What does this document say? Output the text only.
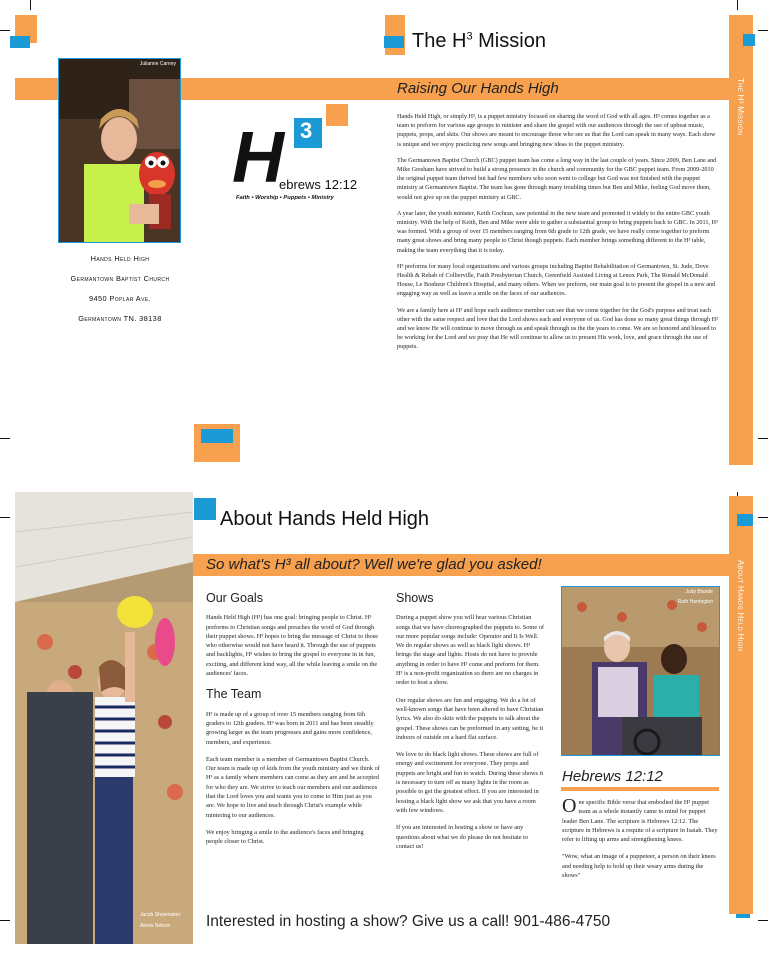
The $H^3$ Mission
Raising Our Hands High	The H³ Mission
Julianne Carney
Hands Held High
Germantown Baptist Church
9450 Poplar Ave.
Germantown TN. 38138
3
H
ebrews 12:12
Faith • Worship • Puppets • Ministry

Hands Held High, or simply H³, is a puppet ministry focused on sharing the word of God with all ages. H³ comes together as a team to preform for various age groups to minister and share the gospel with our audiences through the use of upbeat music, puppets, props, and skits. Our shows are meant to encourage those who see us that the Lord can speak in many ways. Each show is unique and we enjoy practicing new songs and bringing new ideas to the puppet ministry.

The Germantown Baptist Church (GBC) puppet team has come a long way in the last couple of years. Since 2009, Ben Lane and Mike Gresham have strived to build a strong presence in the church and community for the GBC puppet team. From 2009-2010 the original puppet team thrived but had few members who soon went to college but God was not finished with the puppet ministry at Germantown Baptist. The team has gone through many troubling times but Ben and Mike, feeling God move them, would not give up on the puppet ministry at GBC.

A year later, the youth minister, Keith Cochran, saw potential in the new team and promoted it widely to the entire GBC youth ministry. With the help of Keith, Ben and Mike were able to gather a substantial group to bring puppets back to GBC. In 2011, H³ was formed. With a group of over 15 members ranging from 6th grade to 12th grade, we have really come together to preform many great shows and bring many people to Christ though puppets. Each member brings something different to the H³ table, making the team everything that it is today.

H³ preforms for many local organizations and various groups including Baptist Rehabilitation of Germantown, St. Jude, Dove Health & Rehab of Collierville, Faith Presbyterian Church, Greenfield Assisted Living at Lenox Park, The Ronald McDonald House, Le Bonheur Children's Hospital, and many others. When we preform, our main goal is to present the gospel in a new and engaging way as well as leave a smile on the faces of our audiences.

We are a family here at H³ and hope each audience member can see that we come together for the God's purpose and treat each other with the same respect and love that the Lord shows each and everyone of us. God has done so many great things through H³ and we know He will continue to move through us and speak through us the the years to come. We are so honored and blessed to be working for the Lord and we pray that He will continue to allow us to present His work, love, and grace through the use of puppets.

Jacob Shoemaker
Alexis Nelson
About Hands Held High
So what's H³ all about? Well we're glad you asked!	About Hands Held High
Our Goals

Hands Held High (H³) has one goal: bringing people to Christ. H³ preforms to Christian songs and preaches the word of God through their puppet shows. H³ hopes to bring the message of Christ to those who otherwise would not have heard it. Through the use of puppets and backlights, H³ wishes to bring the gospel to everyone in in fun, exciting, and different kind way, all the while leaving a smile on the audiences' faces.

The Team

H³ is made up of a group of over 15 members ranging from 6th graders to 12th graders. H³ was born in 2011 and has been steadily growing larger as the team progresses and gains more confidence, members, and experience.

Each team member is a member of Germantown Baptist Church. Our team is made up of kids from the youth ministry and we think of H³ as a family where members can come as they are and be accepted for who they are. We strive to teach our members and our audiences that the Lord loves you and wants you to come to Him just as you are. We hope to live and teach through Christ's example while mintering to our audiences.

We enjoy bringing a smile to the audience's faces and bringing people closer to Christ.

Shows

During a puppet show you will hear various Christian songs that we have choreographed the puppets to. Some of our more popular songs include: Operator and It Is Well. We do regular shows as well as black light shows. H³ brings the stage and lights. Hosts do not have to provide anything in order to have H³ come and preform for them. H³ is a non-profit organization so there are no charges in order to host a show.

Our regular shows are fun and engaging. We do a lot of well-known songs that have been altered to have Christian lyrics. We also do skits with the puppets to talk about the gospel. These shows can be preformed in any setting, be it indoors of outside on a hard flat surface.

We love to do black light shows. These shows are full of energy and excitement for everyone. They props and puppets are bright and fun to watch. During these shows it is necessary to turn off as many lights in the room as possible to get the greatest effect. If you are interested in hosting a black light show we ask that you have a room with few windows.

If you are interested in hosting a show or have any questions about what we do please do not hesitate to contact us!

Judy Blande
Ruth Harrington
Hebrews 12:12

One specific Bible verse that embodied the H³ puppet team as a whole instantly came to mind for puppet leader Ben Lane. The scripture is Hebrews 12:12. The scripture in Hebrews is a requite of a scripture in Isaiah. They refer to lifting up arms and strengthening knees.

"Wow, what an image of a puppeteer, a person on their knees and needing help to hold up their weary arms during the shows"

Interested in hosting a show? Give us a call! 901-486-4750
